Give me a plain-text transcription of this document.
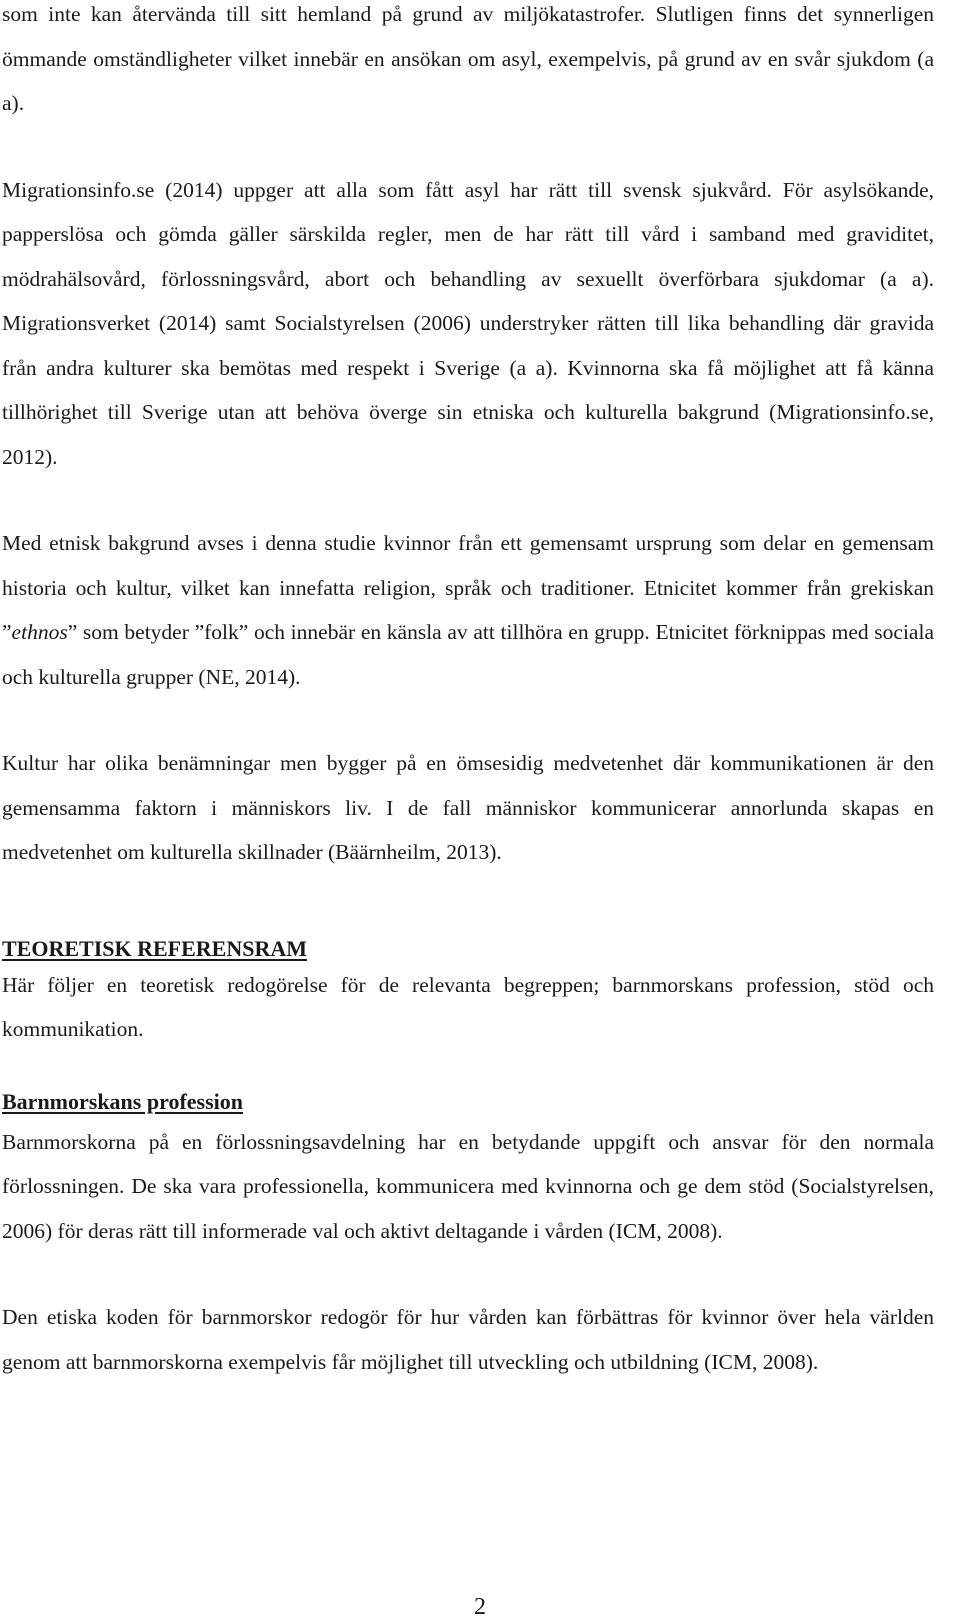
som inte kan återvända till sitt hemland på grund av miljökatastrofer. Slutligen finns det synnerligen ömmande omständligheter vilket innebär en ansökan om asyl, exempelvis, på grund av en svår sjukdom (a a).

Migrationsinfo.se (2014) uppger att alla som fått asyl har rätt till svensk sjukvård. För asylsökande, papperslösa och gömda gäller särskilda regler, men de har rätt till vård i samband med graviditet, mödrahälsovård, förlossningsvård, abort och behandling av sexuellt överförbara sjukdomar (a a). Migrationsverket (2014) samt Socialstyrelsen (2006) understryker rätten till lika behandling där gravida från andra kulturer ska bemötas med respekt i Sverige (a a). Kvinnorna ska få möjlighet att få känna tillhörighet till Sverige utan att behöva överge sin etniska och kulturella bakgrund (Migrationsinfo.se, 2012).

Med etnisk bakgrund avses i denna studie kvinnor från ett gemensamt ursprung som delar en gemensam historia och kultur, vilket kan innefatta religion, språk och traditioner. Etnicitet kommer från grekiskan ”ethnos” som betyder ”folk” och innebär en känsla av att tillhöra en grupp. Etnicitet förknippas med sociala och kulturella grupper (NE, 2014).

Kultur har olika benämningar men bygger på en ömsesidig medvetenhet där kommunikationen är den gemensamma faktorn i människors liv. I de fall människor kommunicerar annorlunda skapas en medvetenhet om kulturella skillnader (Bäärnheilm, 2013).

TEORETISK REFERENSRAM

Här följer en teoretisk redogörelse för de relevanta begreppen; barnmorskans profession, stöd och kommunikation.

Barnmorskans profession

Barnmorskorna på en förlossningsavdelning har en betydande uppgift och ansvar för den normala förlossningen. De ska vara professionella, kommunicera med kvinnorna och ge dem stöd (Socialstyrelsen, 2006) för deras rätt till informerade val och aktivt deltagande i vården (ICM, 2008).

Den etiska koden för barnmorskor redogör för hur vården kan förbättras för kvinnor över hela världen genom att barnmorskorna exempelvis får möjlighet till utveckling och utbildning (ICM, 2008).

2
